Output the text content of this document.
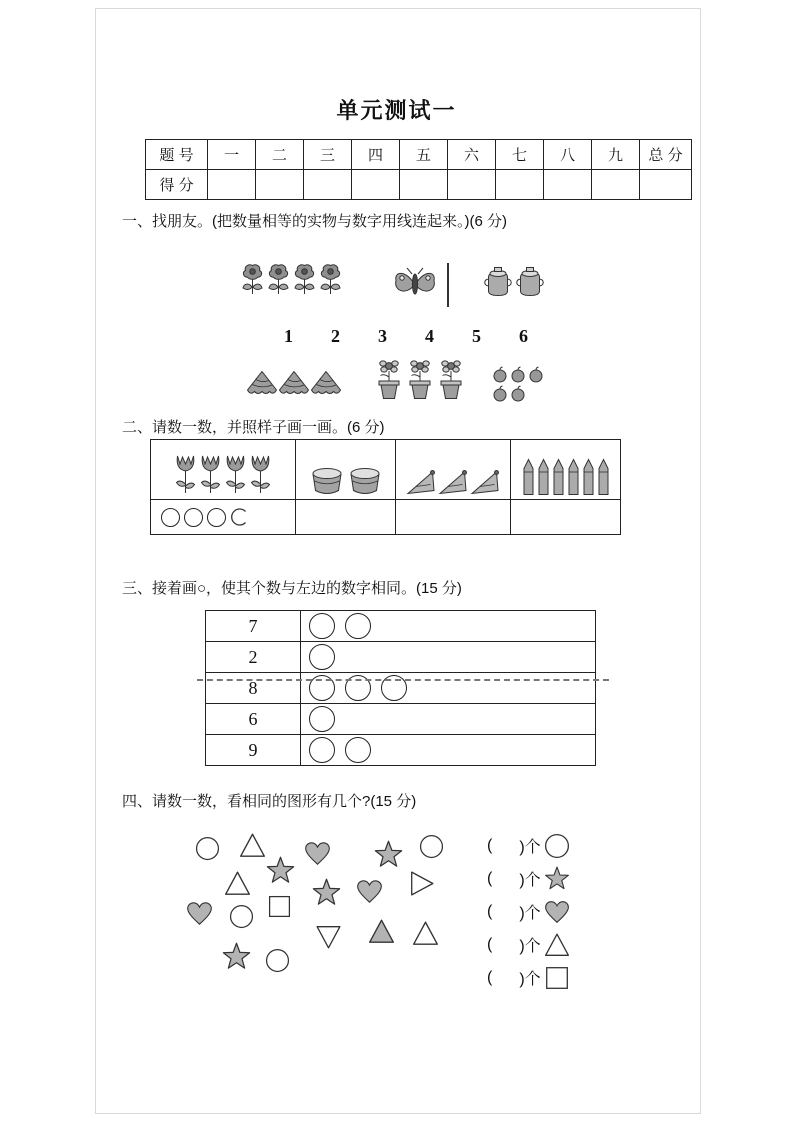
单元测试一
题 号	一	二	三	四	五	六	七	八	九	总 分
得 分										
一、找朋友。(把数量相等的实物与数字用线连起来。)(6 分)
1 2 3 4 5 6
二、请数一数，并照样子画一画。(6 分)

三、接着画○，使其个数与左边的数字相同。(15 分)
7	

2	

8	

6	

9	
四、请数一数，看相同的图形有几个?(15 分)
( )个
( )个
( )个
( )个
( )个
